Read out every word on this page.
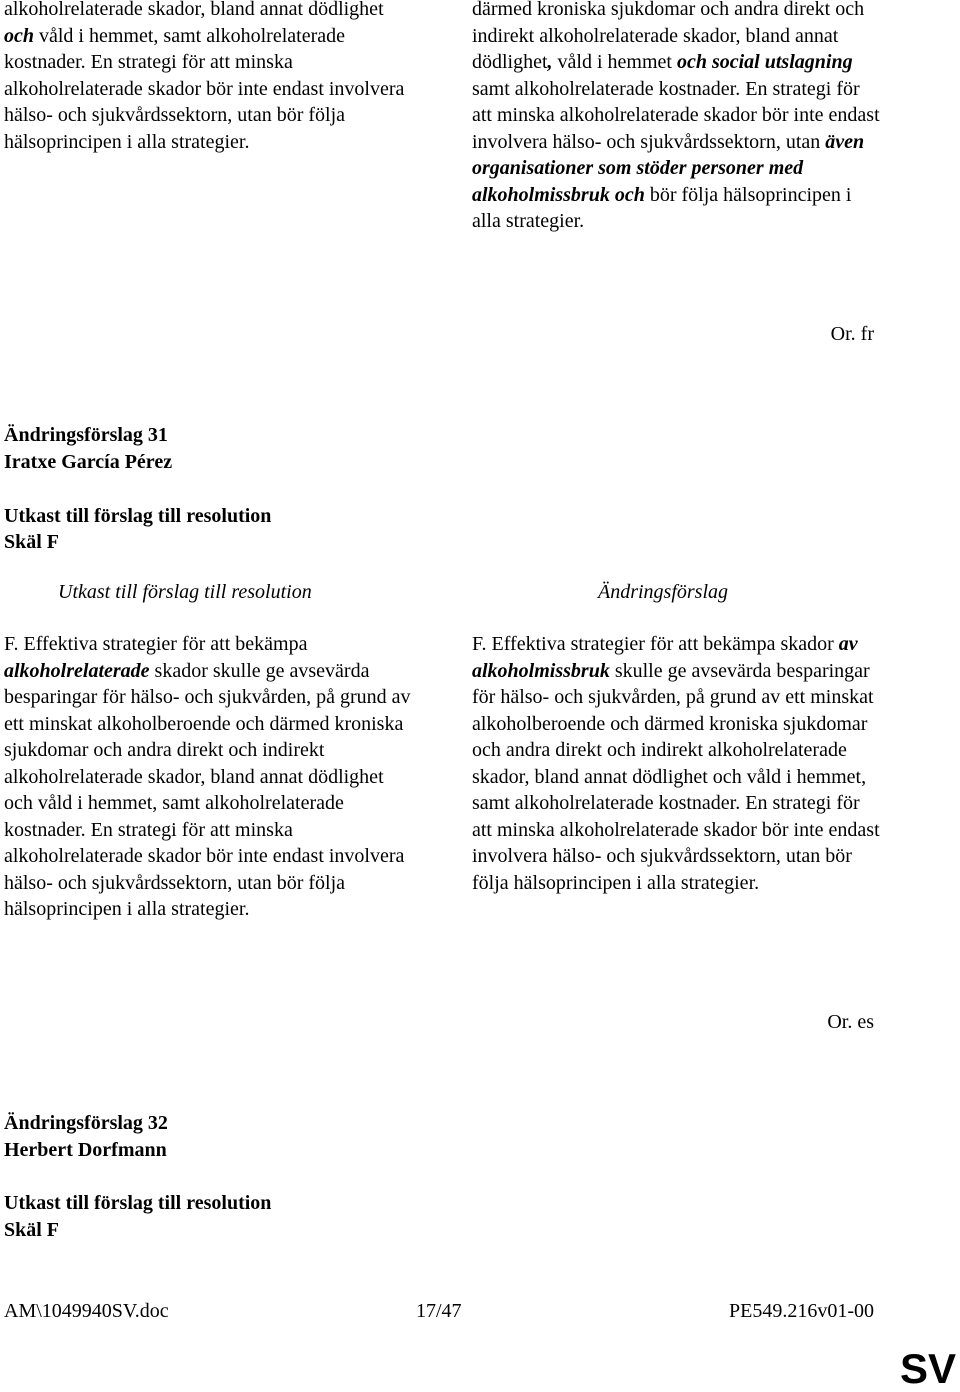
alkoholrelaterade skador, bland annat dödlighet och våld i hemmet, samt alkoholrelaterade kostnader. En strategi för att minska alkoholrelaterade skador bör inte endast involvera hälso- och sjukvårdssektorn, utan bör följa hälsoprincipen i alla strategier.

därmed kroniska sjukdomar och andra direkt och indirekt alkoholrelaterade skador, bland annat dödlighet, våld i hemmet och social utslagning samt alkoholrelaterade kostnader. En strategi för att minska alkoholrelaterade skador bör inte endast involvera hälso- och sjukvårdssektorn, utan även organisationer som stöder personer med alkoholmissbruk och bör följa hälsoprincipen i alla strategier.

Or. fr
Ändringsförslag 31
Iratxe García Pérez
Utkast till förslag till resolution
Skäl F
Utkast till förslag till resolution	Ändringsförslag

F. Effektiva strategier för att bekämpa alkoholrelaterade skador skulle ge avsevärda besparingar för hälso- och sjukvården, på grund av ett minskat alkoholberoende och därmed kroniska sjukdomar och andra direkt och indirekt alkoholrelaterade skador, bland annat dödlighet och våld i hemmet, samt alkoholrelaterade kostnader. En strategi för att minska alkoholrelaterade skador bör inte endast involvera hälso- och sjukvårdssektorn, utan bör följa hälsoprincipen i alla strategier.

F. Effektiva strategier för att bekämpa skador av alkoholmissbruk skulle ge avsevärda besparingar för hälso- och sjukvården, på grund av ett minskat alkoholberoende och därmed kroniska sjukdomar och andra direkt och indirekt alkoholrelaterade skador, bland annat dödlighet och våld i hemmet, samt alkoholrelaterade kostnader. En strategi för att minska alkoholrelaterade skador bör inte endast involvera hälso- och sjukvårdssektorn, utan bör följa hälsoprincipen i alla strategier.

Or. es
Ändringsförslag 32
Herbert Dorfmann
Utkast till förslag till resolution
Skäl F
AM\1049940SV.doc	17/47	PE549.216v01-00
SV
